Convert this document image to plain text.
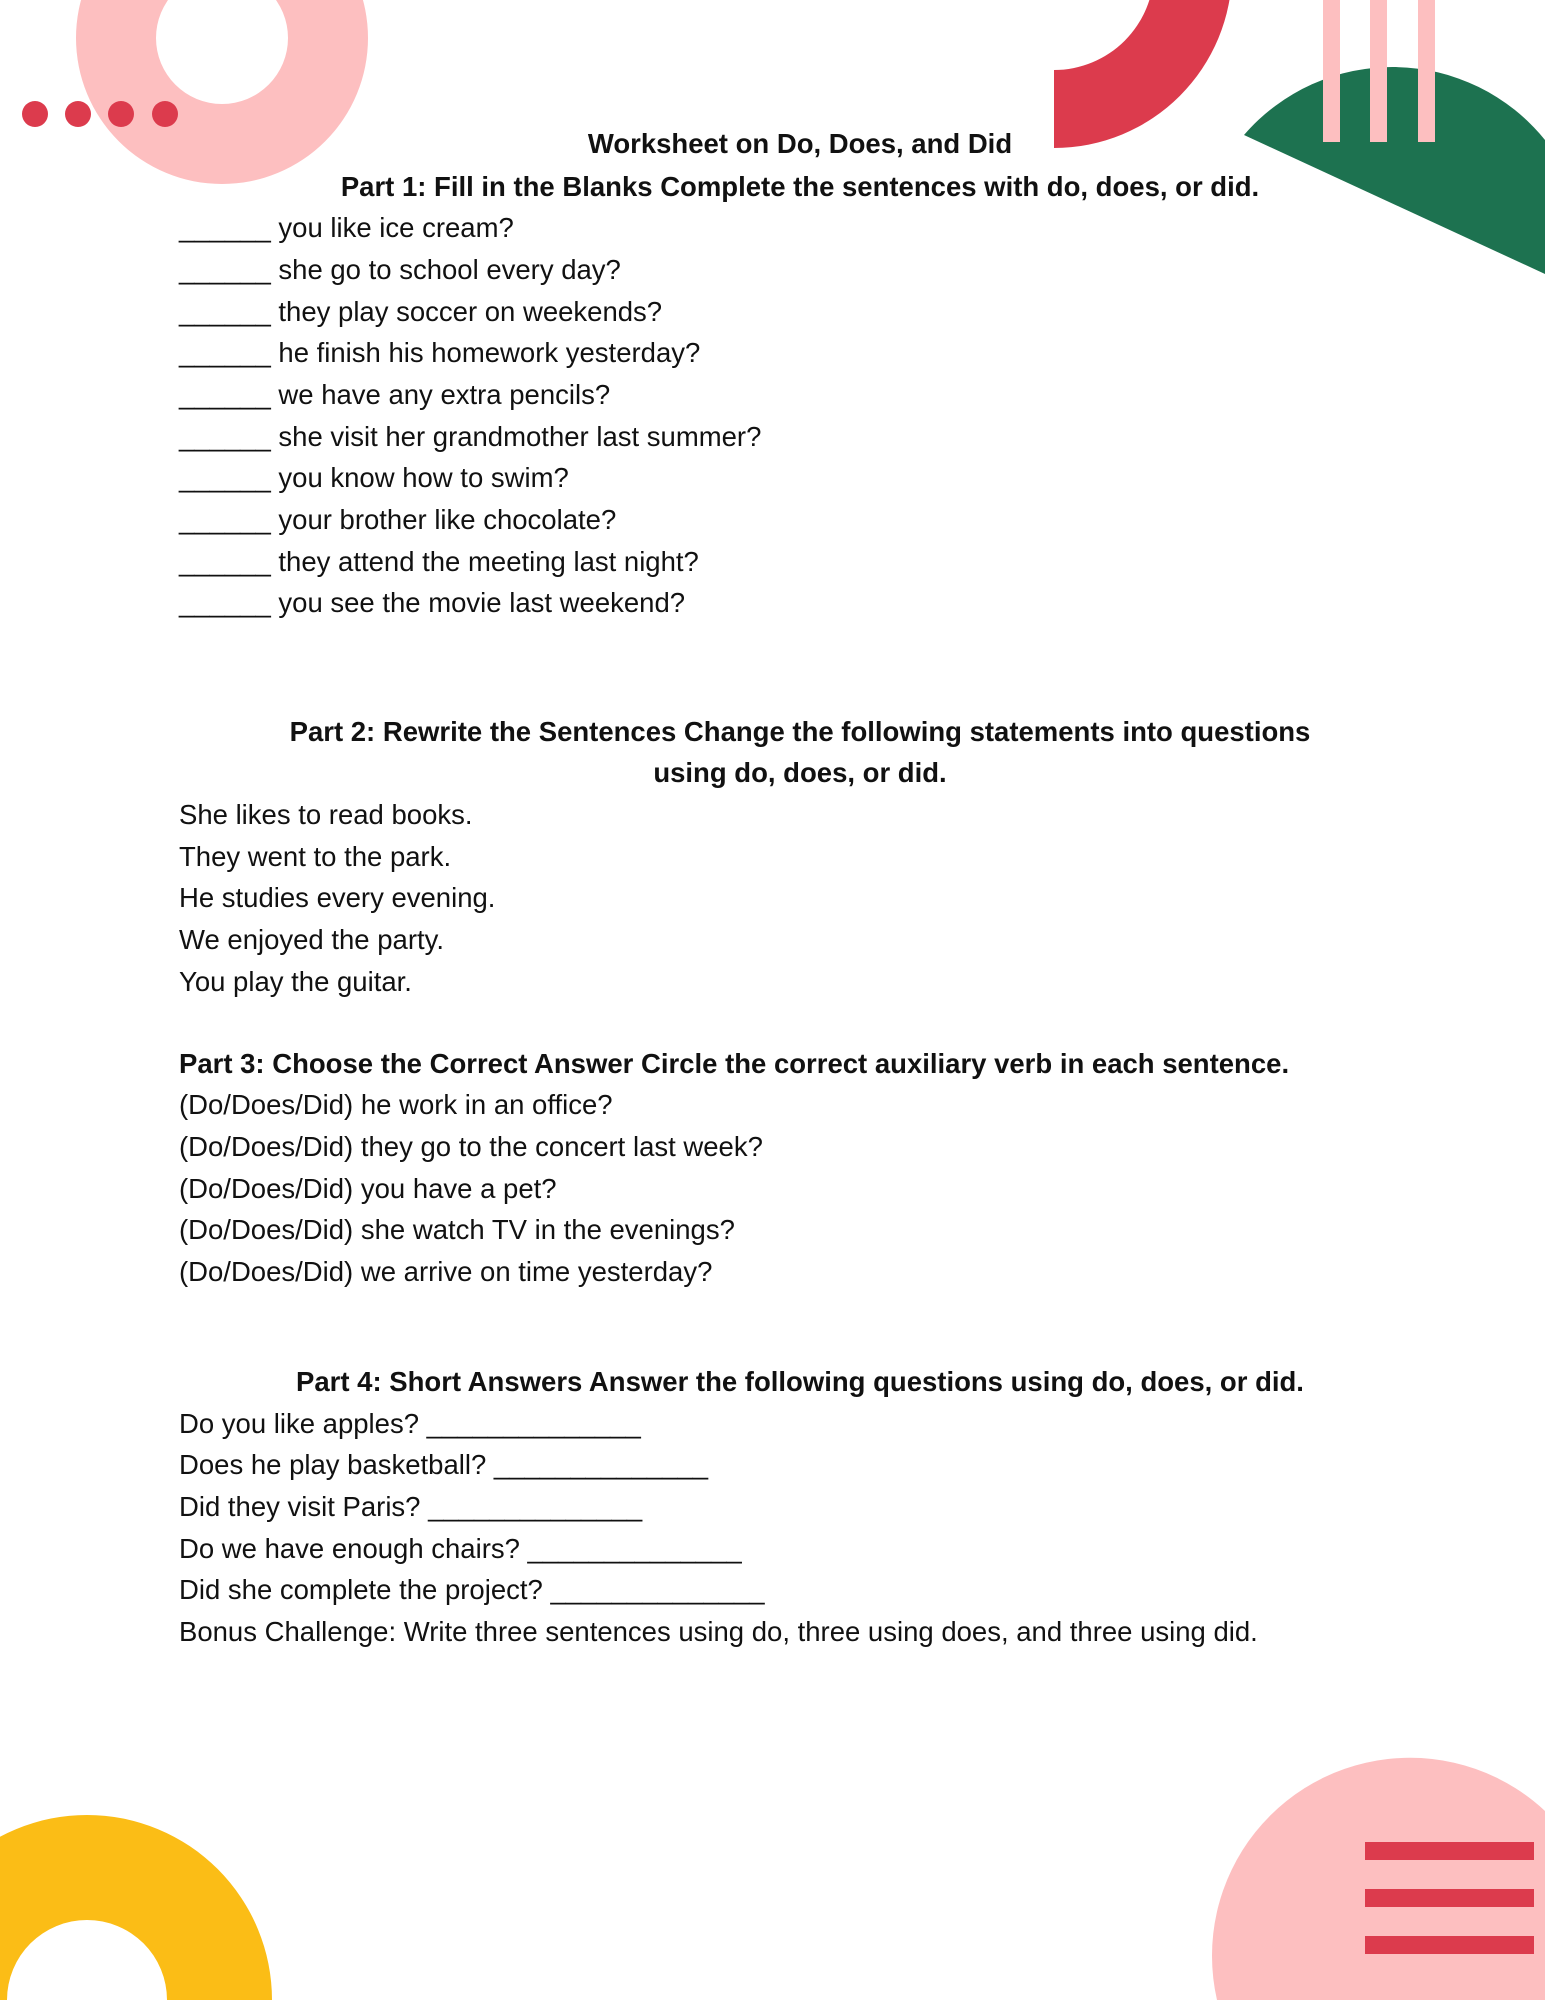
Worksheet on Do, Does, and Did
Part 1: Fill in the Blanks Complete the sentences with do, does, or did.
______ you like ice cream?
______ she go to school every day?
______ they play soccer on weekends?
______ he finish his homework yesterday?
______ we have any extra pencils?
______ she visit her grandmother last summer?
______ you know how to swim?
______ your brother like chocolate?
______ they attend the meeting last night?
______ you see the movie last weekend?
Part 2: Rewrite the Sentences Change the following statements into questions
using do, does, or did.
She likes to read books.
They went to the park.
He studies every evening.
We enjoyed the party.
You play the guitar.
Part 3: Choose the Correct Answer Circle the correct auxiliary verb in each sentence.
(Do/Does/Did) he work in an office?
(Do/Does/Did) they go to the concert last week?
(Do/Does/Did) you have a pet?
(Do/Does/Did) she watch TV in the evenings?
(Do/Does/Did) we arrive on time yesterday?
Part 4: Short Answers Answer the following questions using do, does, or did.
Do you like apples? ______________
Does he play basketball? ______________
Did they visit Paris? ______________
Do we have enough chairs? ______________
Did she complete the project? ______________
Bonus Challenge: Write three sentences using do, three using does, and three using did.
